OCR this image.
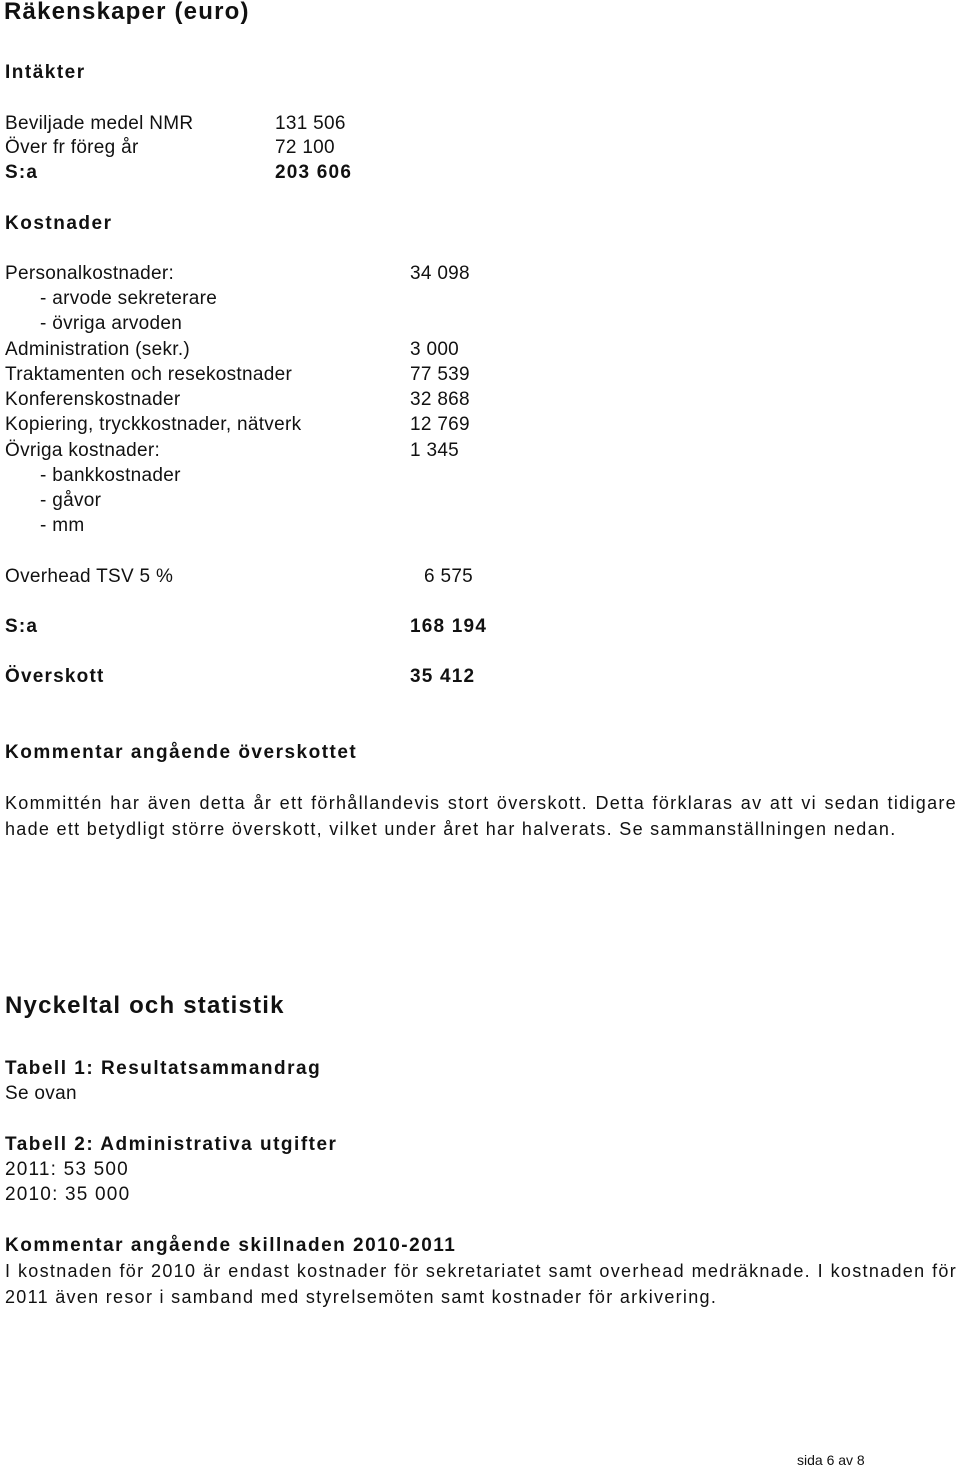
Räkenskaper (euro)
Intäkter
Beviljade medel NMR	131 506
Över fr föreg år	72 100
S:a	203 606
Kostnader
Personalkostnader:	34 098
- arvode sekreterare
- övriga arvoden
Administration (sekr.)	3 000
Traktamenten och resekostnader	77 539
Konferenskostnader	32 868
Kopiering, tryckkostnader, nätverk	12 769
Övriga kostnader:	1 345
- bankkostnader
- gåvor
- mm
Overhead TSV 5 %	6 575
S:a	168 194
Överskott	35 412
Kommentar angående överskottet
Kommittén har även detta år ett förhållandevis stort överskott. Detta förklaras av att vi sedan tidigare hade ett betydligt större överskott, vilket under året har halverats. Se sammanställningen nedan.
Nyckeltal och statistik
Tabell 1: Resultatsammandrag
Se ovan
Tabell 2: Administrativa utgifter
2011: 53 500
2010: 35 000
Kommentar angående skillnaden 2010-2011
I kostnaden för 2010 är endast kostnader för sekretariatet samt overhead medräknade. I kostnaden för 2011 även resor i samband med styrelsemöten samt kostnader för arkivering.
sida 6 av 8
